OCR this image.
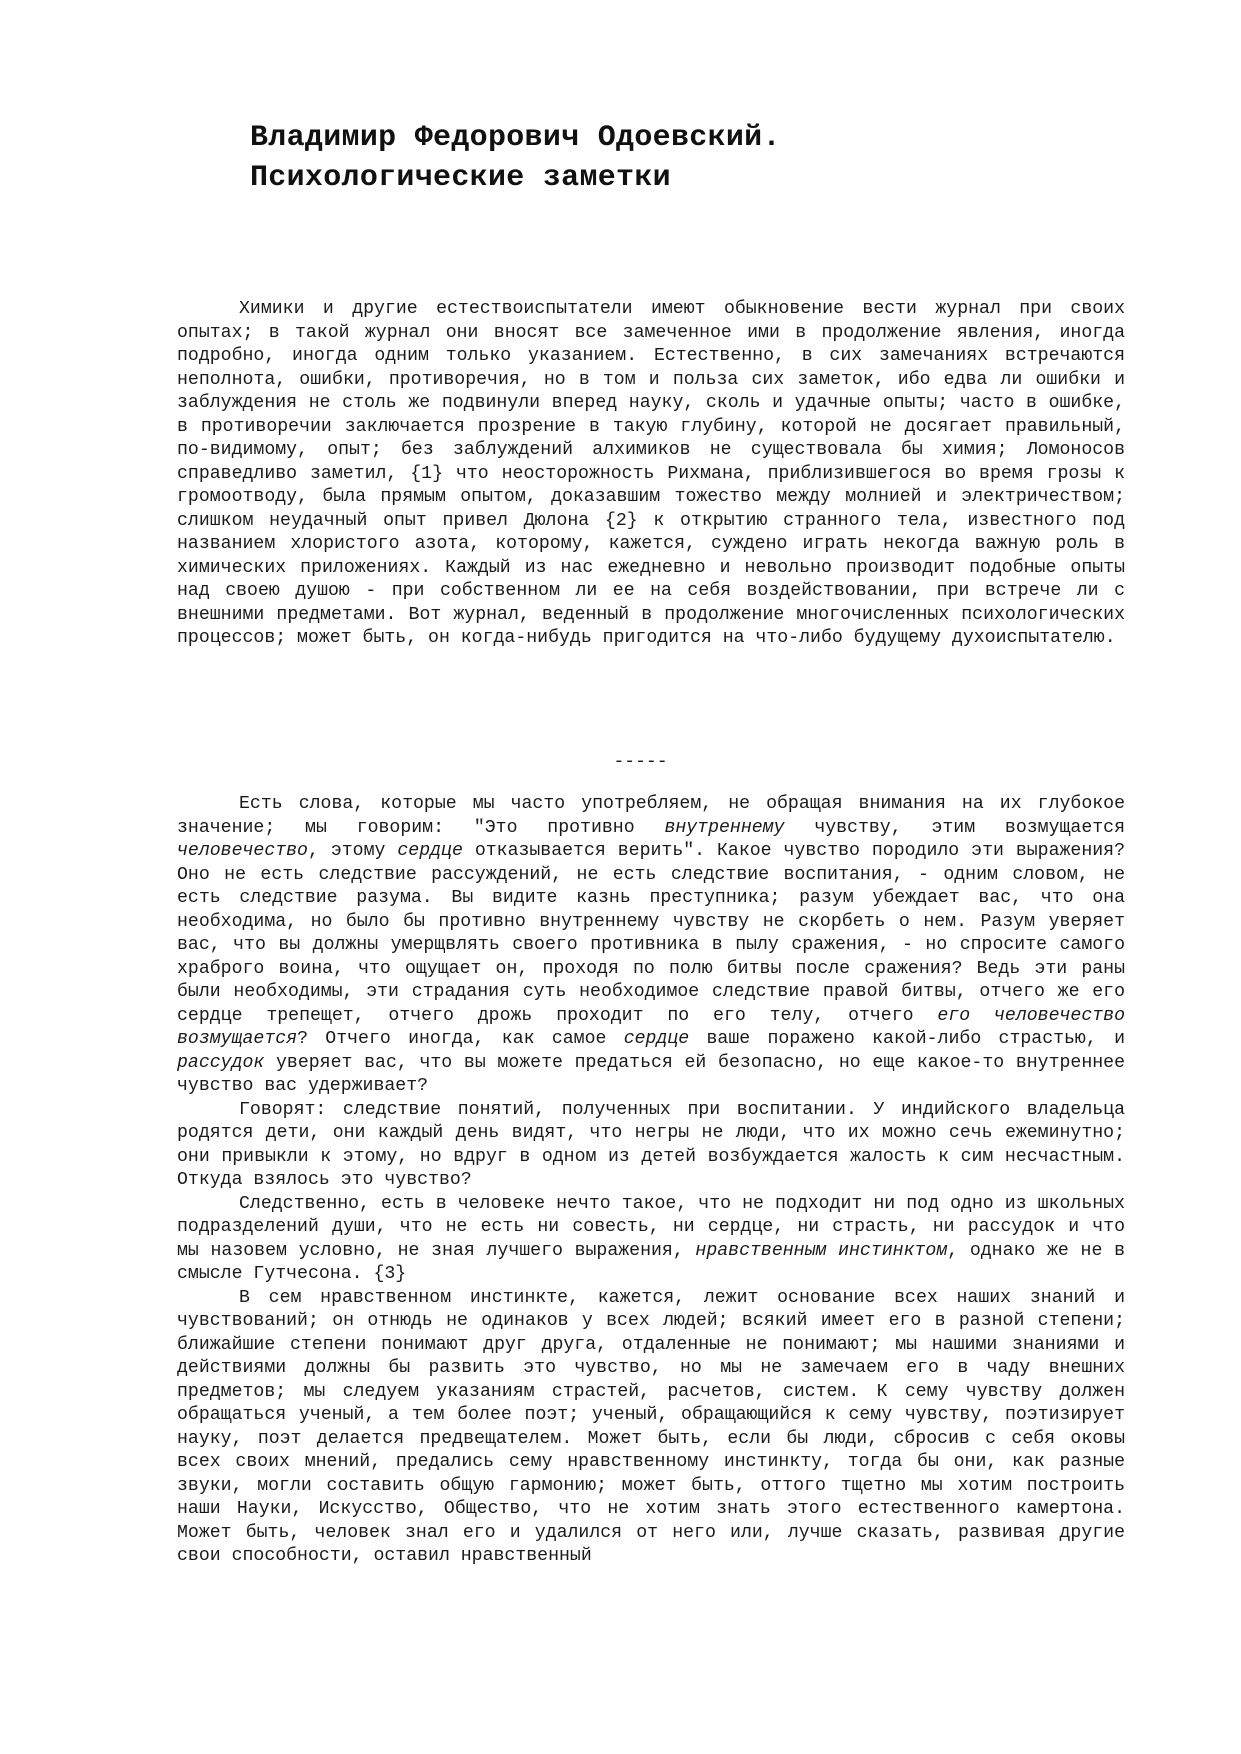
Владимир Федорович Одоевский.
Психологические заметки

Химики и другие естествоиспытатели имеют обыкновение вести журнал при своих опытах; в такой журнал они вносят все замеченное ими в продолжение явления, иногда подробно, иногда одним только указанием. Естественно, в сих замечаниях встречаются неполнота, ошибки, противоречия, но в том и польза сих заметок, ибо едва ли ошибки и заблуждения не столь же подвинули вперед науку, сколь и удачные опыты; часто в ошибке, в противоречии заключается прозрение в такую глубину, которой не досягает правильный, по-видимому, опыт; без заблуждений алхимиков не существовала бы химия; Ломоносов справедливо заметил, {1} что неосторожность Рихмана, приблизившегося во время грозы к громоотводу, была прямым опытом, доказавшим тожество между молнией и электричеством; слишком неудачный опыт привел Дюлона {2} к открытию странного тела, известного под названием хлористого азота, которому, кажется, суждено играть некогда важную роль в химических приложениях. Каждый из нас ежедневно и невольно производит подобные опыты над своею душою - при собственном ли ее на себя воздействовании, при встрече ли с внешними предметами. Вот журнал, веденный в продолжение многочисленных психологических процессов; может быть, он когда-нибудь пригодится на что-либо будущему духоиспытателю.

-----

Есть слова, которые мы часто употребляем, не обращая внимания на их глубокое значение; мы говорим: "Это противно внутреннему чувству, этим возмущается человечество, этому сердце отказывается верить". Какое чувство породило эти выражения? Оно не есть следствие рассуждений, не есть следствие воспитания, - одним словом, не есть следствие разума. Вы видите казнь преступника; разум убеждает вас, что она необходима, но было бы противно внутреннему чувству не скорбеть о нем. Разум уверяет вас, что вы должны умерщвлять своего противника в пылу сражения, - но спросите самого храброго воина, что ощущает он, проходя по полю битвы после сражения? Ведь эти раны были необходимы, эти страдания суть необходимое следствие правой битвы, отчего же его сердце трепещет, отчего дрожь проходит по его телу, отчего его человечество возмущается? Отчего иногда, как самое сердце ваше поражено какой-либо страстью, и рассудок уверяет вас, что вы можете предаться ей безопасно, но еще какое-то внутреннее чувство вас удерживает?

Говорят: следствие понятий, полученных при воспитании. У индийского владельца родятся дети, они каждый день видят, что негры не люди, что их можно сечь ежеминутно; они привыкли к этому, но вдруг в одном из детей возбуждается жалость к сим несчастным. Откуда взялось это чувство?

Следственно, есть в человеке нечто такое, что не подходит ни под одно из школьных подразделений души, что не есть ни совесть, ни сердце, ни страсть, ни рассудок и что мы назовем условно, не зная лучшего выражения, нравственным инстинктом, однако же не в смысле Гутчесона. {3}

В сем нравственном инстинкте, кажется, лежит основание всех наших знаний и чувствований; он отнюдь не одинаков у всех людей; всякий имеет его в разной степени; ближайшие степени понимают друг друга, отдаленные не понимают; мы нашими знаниями и действиями должны бы развить это чувство, но мы не замечаем его в чаду внешних предметов; мы следуем указаниям страстей, расчетов, систем. К сему чувству должен обращаться ученый, а тем более поэт; ученый, обращающийся к сему чувству, поэтизирует науку, поэт делается предвещателем. Может быть, если бы люди, сбросив с себя оковы всех своих мнений, предались сему нравственному инстинкту, тогда бы они, как разные звуки, могли составить общую гармонию; может быть, оттого тщетно мы хотим построить наши Науки, Искусство, Общество, что не хотим знать этого естественного камертона. Может быть, человек знал его и удалился от него или, лучше сказать, развивая другие свои способности, оставил нравственный
